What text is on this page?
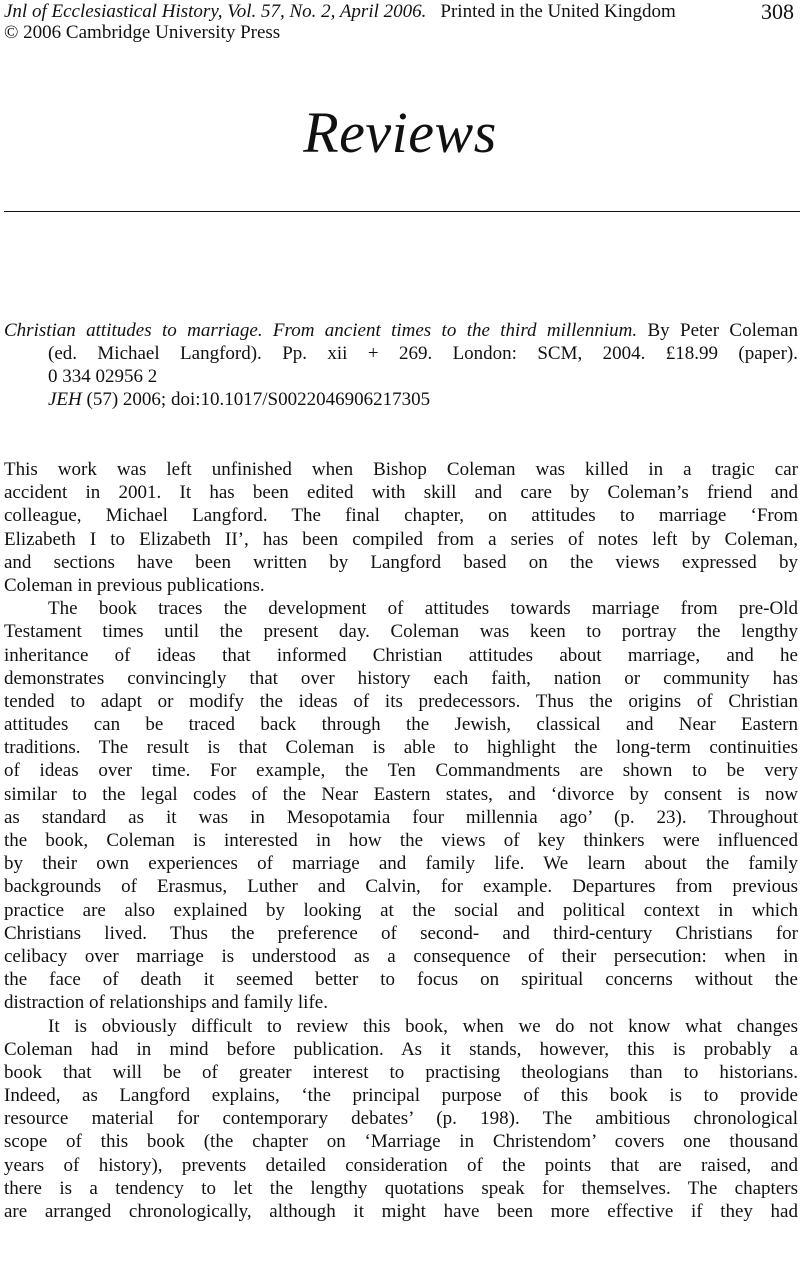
Jnl of Ecclesiastical History, Vol. 57, No. 2, April 2006. Printed in the United Kingdom	308
© 2006 Cambridge University Press
Reviews
Christian attitudes to marriage. From ancient times to the third millennium. By Peter Coleman
(ed. Michael Langford). Pp. xii + 269. London: SCM, 2004. £18.99 (paper).
0 334 02956 2
JEH (57) 2006; doi:10.1017/S0022046906217305
This work was left unfinished when Bishop Coleman was killed in a tragic car
accident in 2001. It has been edited with skill and care by Coleman’s friend and
colleague, Michael Langford. The final chapter, on attitudes to marriage ‘From
Elizabeth I to Elizabeth II’, has been compiled from a series of notes left by Coleman,
and sections have been written by Langford based on the views expressed by
Coleman in previous publications.
The book traces the development of attitudes towards marriage from pre-Old
Testament times until the present day. Coleman was keen to portray the lengthy
inheritance of ideas that informed Christian attitudes about marriage, and he
demonstrates convincingly that over history each faith, nation or community has
tended to adapt or modify the ideas of its predecessors. Thus the origins of Christian
attitudes can be traced back through the Jewish, classical and Near Eastern
traditions. The result is that Coleman is able to highlight the long-term continuities
of ideas over time. For example, the Ten Commandments are shown to be very
similar to the legal codes of the Near Eastern states, and ‘divorce by consent is now
as standard as it was in Mesopotamia four millennia ago’ (p. 23). Throughout
the book, Coleman is interested in how the views of key thinkers were influenced
by their own experiences of marriage and family life. We learn about the family
backgrounds of Erasmus, Luther and Calvin, for example. Departures from previous
practice are also explained by looking at the social and political context in which
Christians lived. Thus the preference of second- and third-century Christians for
celibacy over marriage is understood as a consequence of their persecution: when in
the face of death it seemed better to focus on spiritual concerns without the
distraction of relationships and family life.
It is obviously difficult to review this book, when we do not know what changes
Coleman had in mind before publication. As it stands, however, this is probably a
book that will be of greater interest to practising theologians than to historians.
Indeed, as Langford explains, ‘the principal purpose of this book is to provide
resource material for contemporary debates’ (p. 198). The ambitious chronological
scope of this book (the chapter on ‘Marriage in Christendom’ covers one thousand
years of history), prevents detailed consideration of the points that are raised, and
there is a tendency to let the lengthy quotations speak for themselves. The chapters
are arranged chronologically, although it might have been more effective if they had
